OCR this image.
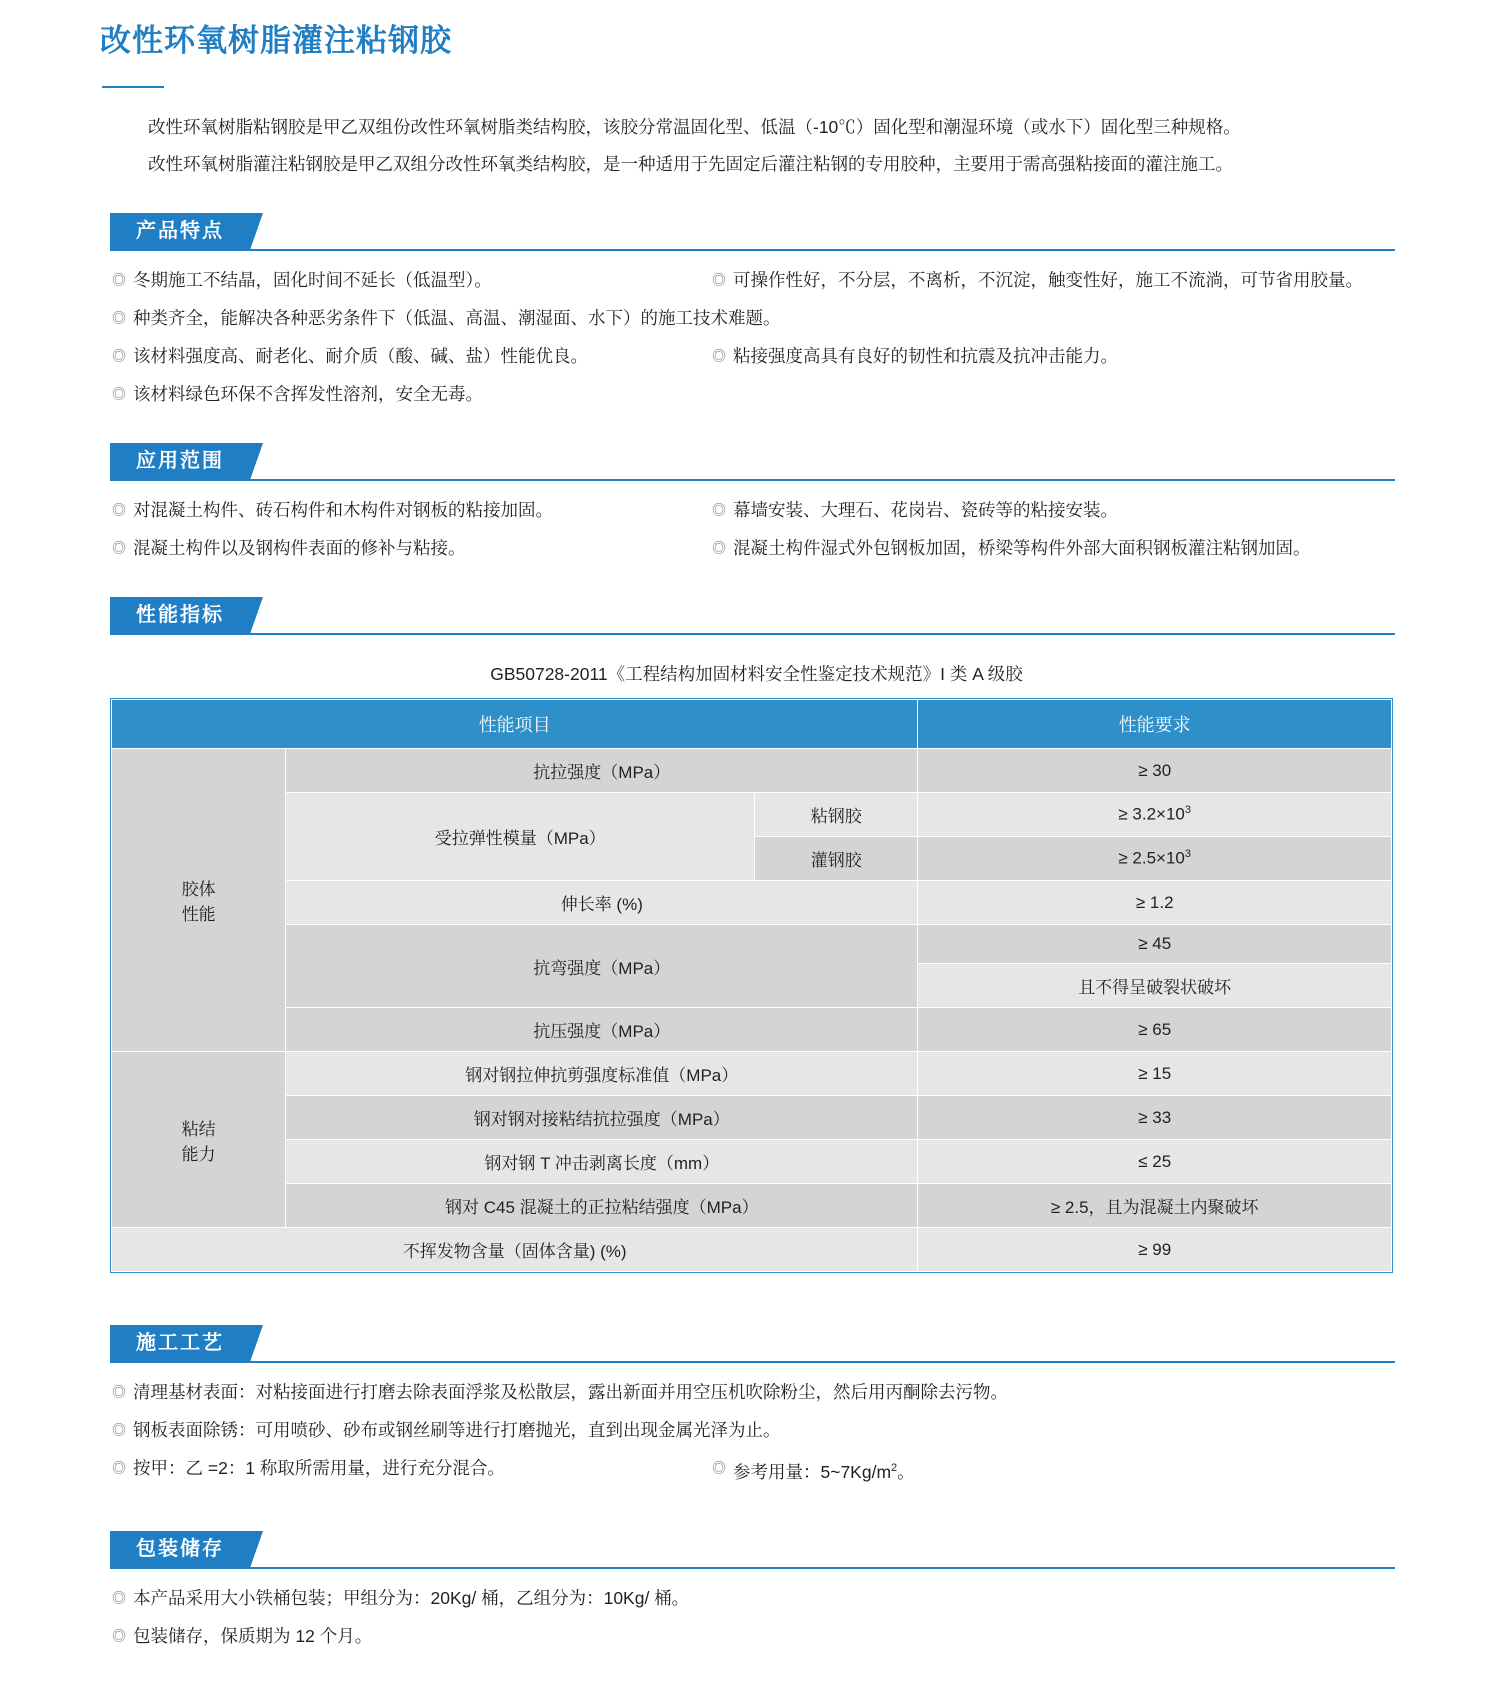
改性环氧树脂灌注粘钢胶

改性环氧树脂粘钢胶是甲乙双组份改性环氧树脂类结构胶，该胶分常温固化型、低温（-10℃）固化型和潮湿环境（或水下）固化型三种规格。

改性环氧树脂灌注粘钢胶是甲乙双组分改性环氧类结构胶，是一种适用于先固定后灌注粘钢的专用胶种，主要用于需高强粘接面的灌注施工。

产品特点
◎ 冬期施工不结晶，固化时间不延长（低温型）。	◎ 可操作性好，不分层，不离析，不沉淀，触变性好，施工不流淌，可节省用胶量。
◎ 种类齐全，能解决各种恶劣条件下（低温、高温、潮湿面、水下）的施工技术难题。
◎ 该材料强度高、耐老化、耐介质（酸、碱、盐）性能优良。	◎ 粘接强度高具有良好的韧性和抗震及抗冲击能力。
◎ 该材料绿色环保不含挥发性溶剂，安全无毒。
应用范围
◎ 对混凝土构件、砖石构件和木构件对钢板的粘接加固。	◎ 幕墙安装、大理石、花岗岩、瓷砖等的粘接安装。
◎ 混凝土构件以及钢构件表面的修补与粘接。	◎ 混凝土构件湿式外包钢板加固，桥梁等构件外部大面积钢板灌注粘钢加固。
性能指标
GB50728-2011《工程结构加固材料安全性鉴定技术规范》I 类 A 级胶
性能项目			性能要求

胶体
性能	抗拉强度（MPa）		≥ 30
	受拉弹性模量（MPa）	粘钢胶	≥ $3.2\times 10^3$
		灌钢胶	≥ $2.5\times 10^3$
	伸长率 (%)		≥ 1.2
	抗弯强度（MPa）		≥ 45
			且不得呈破裂状破坏
	抗压强度（MPa）		≥ 65

粘结
能力	钢对钢拉伸抗剪强度标准值（MPa）		≥ 15
	钢对钢对接粘结抗拉强度（MPa）		≥ 33
	钢对钢 T 冲击剥离长度（mm）		≤ 25
	钢对 C45 混凝土的正拉粘结强度（MPa）		≥ 2.5，且为混凝土内聚破坏
不挥发物含量（固体含量) (%)			≥ 99
施工工艺
◎ 清理基材表面：对粘接面进行打磨去除表面浮浆及松散层，露出新面并用空压机吹除粉尘，然后用丙酮除去污物。
◎ 钢板表面除锈：可用喷砂、砂布或钢丝刷等进行打磨抛光，直到出现金属光泽为止。
◎ 按甲：乙 =2：1 称取所需用量，进行充分混合。	◎ 参考用量：$5\sim 7Kg/m^2$。
包装储存
◎ 本产品采用大小铁桶包装；甲组分为：20Kg/ 桶，乙组分为：10Kg/ 桶。
◎ 包装储存，保质期为 12 个月。
